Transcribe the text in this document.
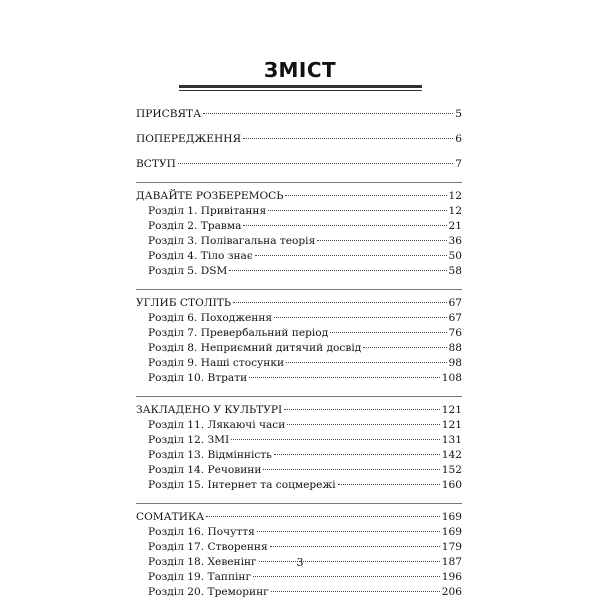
ЗМІСТ
ПРИСВЯТА	5
ПОПЕРЕДЖЕННЯ	6
ВСТУП	7
ДАВАЙТЕ РОЗБЕРЕМОСЬ	12
Розділ 1. Привітання	12
Розділ 2. Травма	21
Розділ 3. Полівагальна теорія	36
Розділ 4. Тіло знає	50
Розділ 5. DSM	58
УГЛИБ СТОЛІТЬ	67
Розділ 6. Походження	67
Розділ 7. Превербальний період	76
Розділ 8. Неприємний дитячий досвід	88
Розділ 9. Наші стосунки	98
Розділ 10. Втрати	108
ЗАКЛАДЕНО У КУЛЬТУРІ	121
Розділ 11. Лякаючі часи	121
Розділ 12. ЗМІ	131
Розділ 13. Відмінність	142
Розділ 14. Речовини	152
Розділ 15. Інтернет та соцмережі	160
СОМАТИКА	169
Розділ 16. Почуття	169
Розділ 17. Створення	179
Розділ 18. Хевенінг	187
Розділ 19. Таппінг	196
Розділ 20. Треморинг	206
3
